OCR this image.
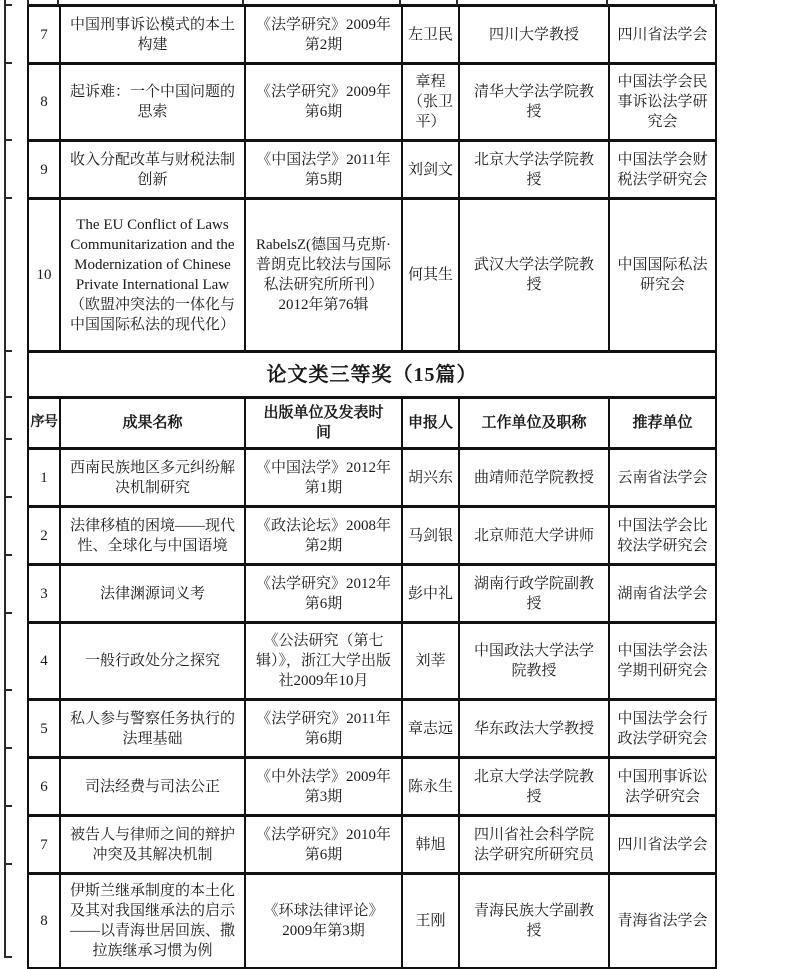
7	中国刑事诉讼模式的本土构建	《法学研究》2009年第2期	左卫民	四川大学教授	四川省法学会
8	起诉难：一个中国问题的思索	《法学研究》2009年第6期	章程（张卫平）	清华大学法学院教授	中国法学会民事诉讼法学研究会
9	收入分配改革与财税法制创新	《中国法学》2011年第5期	刘剑文	北京大学法学院教授	中国法学会财税法学研究会
10	The EU Conflict of Laws Communitarization and the Modernization of Chinese Private International Law（欧盟冲突法的一体化与中国国际私法的现代化）	RabelsZ(德国马克斯·普朗克比较法与国际私法研究所所刊）2012年第76辑	何其生	武汉大学法学院教授	中国国际私法研究会
论文类三等奖（15篇）					
序号	成果名称	出版单位及发表时间	申报人	工作单位及职称	推荐单位
1	西南民族地区多元纠纷解决机制研究	《中国法学》2012年第1期	胡兴东	曲靖师范学院教授	云南省法学会
2	法律移植的困境——现代性、全球化与中国语境	《政法论坛》2008年第2期	马剑银	北京师范大学讲师	中国法学会比较法学研究会
3	法律渊源词义考	《法学研究》2012年第6期	彭中礼	湖南行政学院副教授	湖南省法学会
4	一般行政处分之探究	《公法研究（第七辑）》，浙江大学出版社2009年10月	刘莘	中国政法大学法学院教授	中国法学会法学期刊研究会
5	私人参与警察任务执行的法理基础	《法学研究》2011年第6期	章志远	华东政法大学教授	中国法学会行政法学研究会
6	司法经费与司法公正	《中外法学》2009年第3期	陈永生	北京大学法学院教授	中国刑事诉讼法学研究会
7	被告人与律师之间的辩护冲突及其解决机制	《法学研究》2010年第6期	韩旭	四川省社会科学院法学研究所研究员	四川省法学会
8	伊斯兰继承制度的本土化及其对我国继承法的启示——以青海世居回族、撒拉族继承习惯为例	《环球法律评论》2009年第3期	王刚	青海民族大学副教授	青海省法学会
